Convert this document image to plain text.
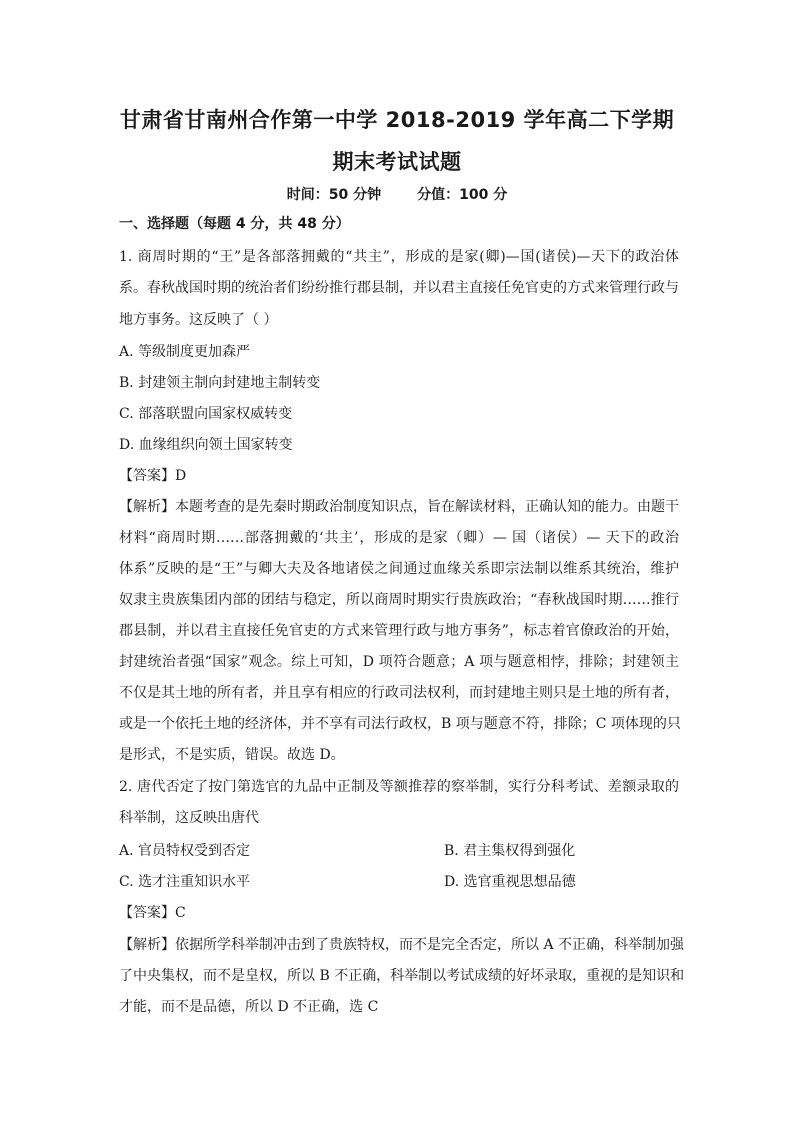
甘肃省甘南州合作第一中学 2018-2019 学年高二下学期
期末考试试题
时间：50 分钟	分值：100 分
一、选择题（每题 4 分，共 48 分）
1. 商周时期的“王”是各部落拥戴的“共主”，形成的是家(卿)—国(诸侯)—天下的政治体
系。春秋战国时期的统治者们纷纷推行郡县制，并以君主直接任免官吏的方式来管理行政与
地方事务。这反映了（ ）
A. 等级制度更加森严
B. 封建领主制向封建地主制转变
C. 部落联盟向国家权威转变
D. 血缘组织向领土国家转变
【答案】D
【解析】本题考查的是先秦时期政治制度知识点，旨在解读材料，正确认知的能力。由题干
材料“商周时期……部落拥戴的‘共主’，形成的是家（卿）— 国（诸侯）— 天下的政治
体系”反映的是“王”与卿大夫及各地诸侯之间通过血缘关系即宗法制以维系其统治，维护
奴隶主贵族集团内部的团结与稳定，所以商周时期实行贵族政治；“春秋战国时期……推行
郡县制，并以君主直接任免官吏的方式来管理行政与地方事务”，标志着官僚政治的开始，
封建统治者强“国家”观念。综上可知，D 项符合题意；A 项与题意相悖，排除；封建领主
不仅是其土地的所有者，并且享有相应的行政司法权利，而封建地主则只是土地的所有者，
或是一个依托土地的经济体，并不享有司法行政权，B 项与题意不符，排除；C 项体现的只
是形式，不是实质，错误。故选 D。
2. 唐代否定了按门第选官的九品中正制及等额推荐的察举制，实行分科考试、差额录取的
科举制，这反映出唐代
A. 官员特权受到否定	B. 君主集权得到强化
C. 选才注重知识水平	D. 选官重视思想品德
【答案】C
【解析】依据所学科举制冲击到了贵族特权，而不是完全否定，所以 A 不正确，科举制加强
了中央集权，而不是皇权，所以 B 不正确，科举制以考试成绩的好坏录取，重视的是知识和
才能，而不是品德，所以 D 不正确，选 C
